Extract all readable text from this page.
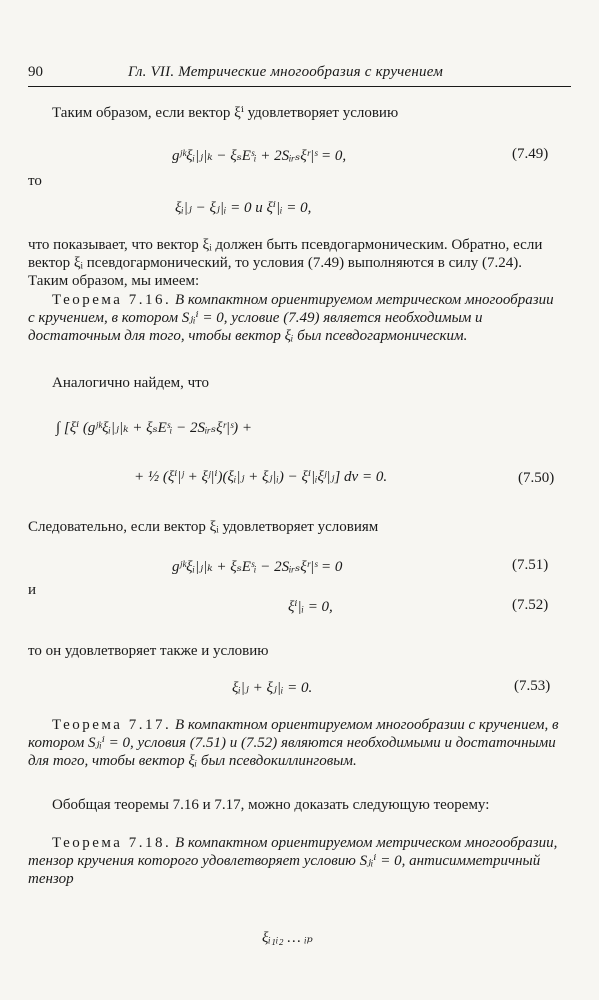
90	Гл. VII. Метрические многообразия с кручением
Таким образом, если вектор ξⁱ удовлетворяет условию
gʲᵏξᵢ|ⱼ|ₖ − ξₛEˢᵢ + 2Sᵢᵣₛξʳ|ˢ = 0,	(7.49)
то
ξᵢ|ⱼ − ξⱼ|ᵢ = 0 и ξⁱ|ᵢ = 0,
что показывает, что вектор ξᵢ должен быть псевдогармоническим. Обратно, если вектор ξᵢ псевдогармонический, то условия (7.49) выполняются в силу (7.24). Таким образом, мы имеем:
Теорема 7.16. В компактном ориентируемом метрическом многообразии с кручением, в котором Sⱼᵢⁱ = 0, условие (7.49) является необходимым и достаточным для того, чтобы вектор ξᵢ был псевдогармоническим.
Аналогично найдем, что
∫ [ξⁱ (gʲᵏξᵢ|ⱼ|ₖ + ξₛEˢᵢ − 2Sᵢᵣₛξʳ|ˢ) +
+ ½ (ξⁱ|ʲ + ξʲ|ⁱ)(ξᵢ|ⱼ + ξⱼ|ᵢ) − ξⁱ|ᵢξʲ|ⱼ] dv = 0.	(7.50)
Следовательно, если вектор ξᵢ удовлетворяет условиям
gʲᵏξᵢ|ⱼ|ₖ + ξₛEˢᵢ − 2Sᵢᵣₛξʳ|ˢ = 0	(7.51)
и
ξⁱ|ᵢ = 0,	(7.52)
то он удовлетворяет также и условию
ξᵢ|ⱼ + ξⱼ|ᵢ = 0.	(7.53)
Теорема 7.17. В компактном ориентируемом многообразии с кручением, в котором Sⱼᵢⁱ = 0, условия (7.51) и (7.52) являются необходимыми и достаточными для того, чтобы вектор ξᵢ был псевдокиллинговым.
Обобщая теоремы 7.16 и 7.17, можно доказать следующую теорему:
Теорема 7.18. В компактном ориентируемом метрическом многообразии, тензор кручения которого удовлетворяет условию Sⱼᵢⁱ = 0, антисимметричный тензор
ξᵢ₁ᵢ₂ … ᵢₚ
